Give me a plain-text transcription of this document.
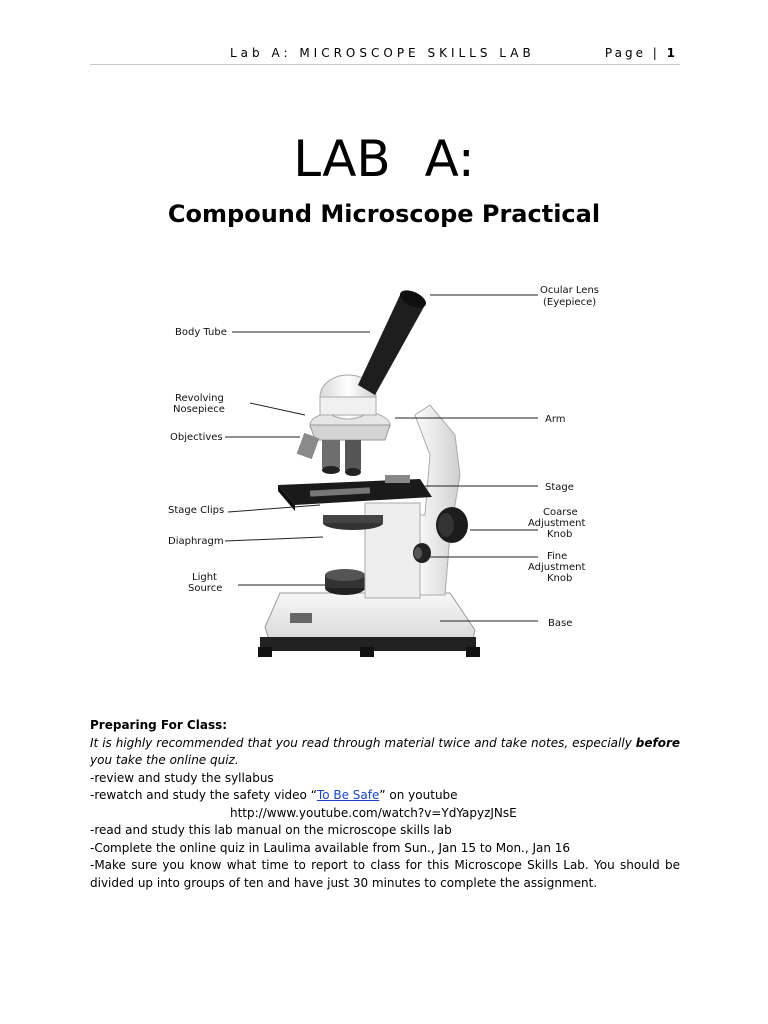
Lab A: MICROSCOPE SKILLS LAB	Page | 1
LAB A:
Compound Microscope Practical
Ocular Lens
(Eyepiece)
Body Tube
Revolving
Nosepiece
Objectives
Arm
Stage
Stage Clips	Coarse
Adjustment
Knob
Diaphragm
Fine
Adjustment
Knob
Light
Source
Base
Preparing For Class:
It is highly recommended that you read through material twice and take notes, especially before you take the online quiz.
-review and study the syllabus
-rewatch and study the safety video “To Be Safe” on youtube
http://www.youtube.com/watch?v=YdYapyzJNsE
-read and study this lab manual on the microscope skills lab
-Complete the online quiz in Laulima available from Sun., Jan 15 to Mon., Jan 16
-Make sure you know what time to report to class for this Microscope Skills Lab. You should be divided up into groups of ten and have just 30 minutes to complete the assignment.
